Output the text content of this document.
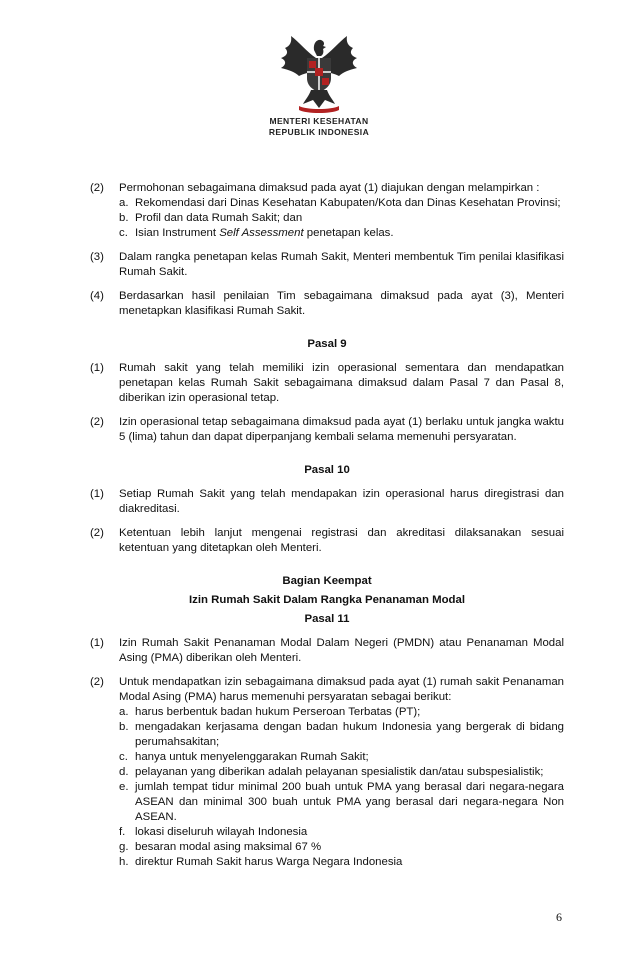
MENTERI KESEHATAN
REPUBLIK INDONESIA
(2) Permohonan sebagaimana dimaksud pada ayat (1) diajukan dengan melampirkan :
a. Rekomendasi dari Dinas Kesehatan Kabupaten/Kota dan Dinas Kesehatan Provinsi;
b. Profil dan data Rumah Sakit; dan
c. Isian Instrument Self Assessment penetapan kelas.
(3) Dalam rangka penetapan kelas Rumah Sakit, Menteri membentuk Tim penilai klasifikasi Rumah Sakit.
(4) Berdasarkan hasil penilaian Tim sebagaimana dimaksud pada ayat (3), Menteri menetapkan klasifikasi Rumah Sakit.
Pasal 9
(1) Rumah sakit yang telah memiliki izin operasional sementara dan mendapatkan penetapan kelas Rumah Sakit sebagaimana dimaksud dalam Pasal 7 dan Pasal 8, diberikan izin operasional tetap.
(2) Izin operasional tetap sebagaimana dimaksud pada ayat (1) berlaku untuk jangka waktu 5 (lima) tahun dan dapat diperpanjang kembali selama memenuhi persyaratan.
Pasal 10
(1) Setiap Rumah Sakit yang telah mendapakan izin operasional harus diregistrasi dan diakreditasi.
(2) Ketentuan lebih lanjut mengenai registrasi dan akreditasi dilaksanakan sesuai ketentuan yang ditetapkan oleh Menteri.
Bagian Keempat
Izin Rumah Sakit Dalam Rangka Penanaman Modal
Pasal 11
(1) Izin Rumah Sakit Penanaman Modal Dalam Negeri (PMDN) atau Penanaman Modal Asing (PMA) diberikan oleh Menteri.
(2) Untuk mendapatkan izin sebagaimana dimaksud pada ayat (1) rumah sakit Penanaman Modal Asing (PMA) harus memenuhi persyaratan sebagai berikut:
a. harus berbentuk badan hukum Perseroan Terbatas (PT);
b. mengadakan kerjasama dengan badan hukum Indonesia yang bergerak di bidang perumahsakitan;
c. hanya untuk menyelenggarakan Rumah Sakit;
d. pelayanan yang diberikan adalah pelayanan spesialistik dan/atau subspesialistik;
e. jumlah tempat tidur minimal 200 buah untuk PMA yang berasal dari negara-negara ASEAN dan minimal 300 buah untuk PMA yang berasal dari negara-negara Non ASEAN.
f. lokasi diseluruh wilayah Indonesia
g. besaran modal asing maksimal 67 %
h. direktur Rumah Sakit harus Warga Negara Indonesia
6
